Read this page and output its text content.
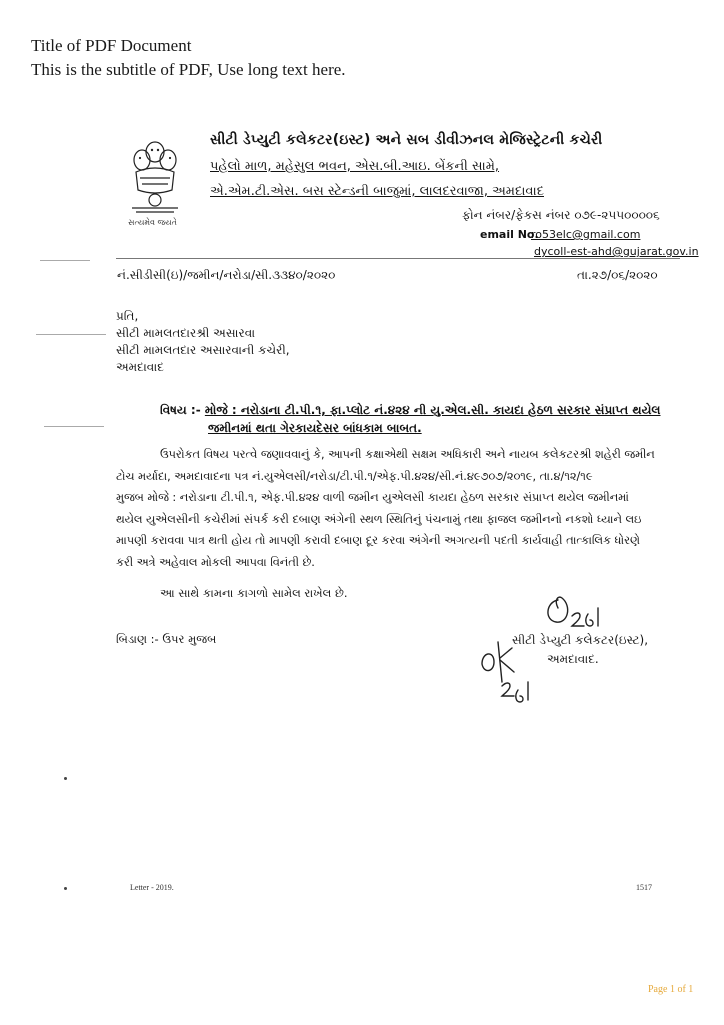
Title of PDF Document
This is the subtitle of PDF, Use long text here.
સત્યમેવ જયતે
સીટી ડેપ્યુટી કલેકટર(ઇસ્ટ) અને સબ ડીવીઝનલ મેજિસ્ટ્રેટની કચેરી
પહેલો માળ, મહેસુલ ભવન, એસ.બી.આઇ. બેંકની સામે,
એ.એમ.ટી.એસ. બસ સ્ટેન્ડની બાજુમાં, લાલદરવાજા, અમદાવાદ
ફોન નંબર/ફેકસ નંબર ૦૭૯-૨૫૫૦૦૦૦૬
email No.
ro53elc@gmail.com
dycoll-est-ahd@gujarat.gov.in
નં.સીડીસી(ઇ)/જમીન/નરોડા/સી.૩૩૪૦/૨૦૨૦	તા.૨૭/૦૬/૨૦૨૦
પ્રતિ,
સીટી મામલતદારશ્રી અસારવા
સીટી મામલતદાર અસારવાની કચેરી,
અમદાવાદ
વિષય :- મોજે : નરોડાના ટી.પી.૧, ફા.પ્લોટ નં.૪૨૪ ની યુ.એલ.સી. કાયદા હેઠળ સરકાર સંપ્રાપ્ત થયેલ
જમીનમાં થતા ગેરકાયદેસર બાંધકામ બાબત.

ઉપરોકત વિષય પરત્વે જણાવવાનું કે, આપની કક્ષાએથી સક્ષમ અધિકારી અને નાયબ કલેકટરશ્રી શહેરી જમીન

ટોચ મર્યાદા, અમદાવાદના પત્ર નં.યુએલસી/નરોડા/ટી.પી.૧/એફ.પી.૪૨૪/સી.નં.૪૯૭૦૭/૨૦૧૯, તા.૪/૧૨/૧૯

મુજબ મોજે : નરોડાના ટી.પી.૧, એફ.પી.૪૨૪ વાળી જમીન યુએલસી કાયદા હેઠળ સરકાર સંપ્રાપ્ત થયેલ જમીનમાં

થયેલ યુએલસીની કચેરીમાં સંપર્ક કરી દબાણ અંગેની સ્થળ સ્થિતિનું પંચનામું તથા ફાજલ જમીનનો નકશો ધ્યાને લઇ

માપણી કરાવવા પાત્ર થતી હોય તો માપણી કરાવી દબાણ દૂર કરવા અંગેની અગત્યની પદતી કાર્યવાહી તાત્કાલિક ધોરણે

કરી અત્રે અહેવાલ મોકલી આપવા વિનંતી છે.

આ સાથે કામના કાગળો સામેલ રાખેલ છે.
બિડાણ :- ઉપર મુજબ	સીટી ડેપ્યુટી કલેકટર(ઇસ્ટ),
અમદાવાદ.
Letter - 2019.	1517
Page 1 of 1
